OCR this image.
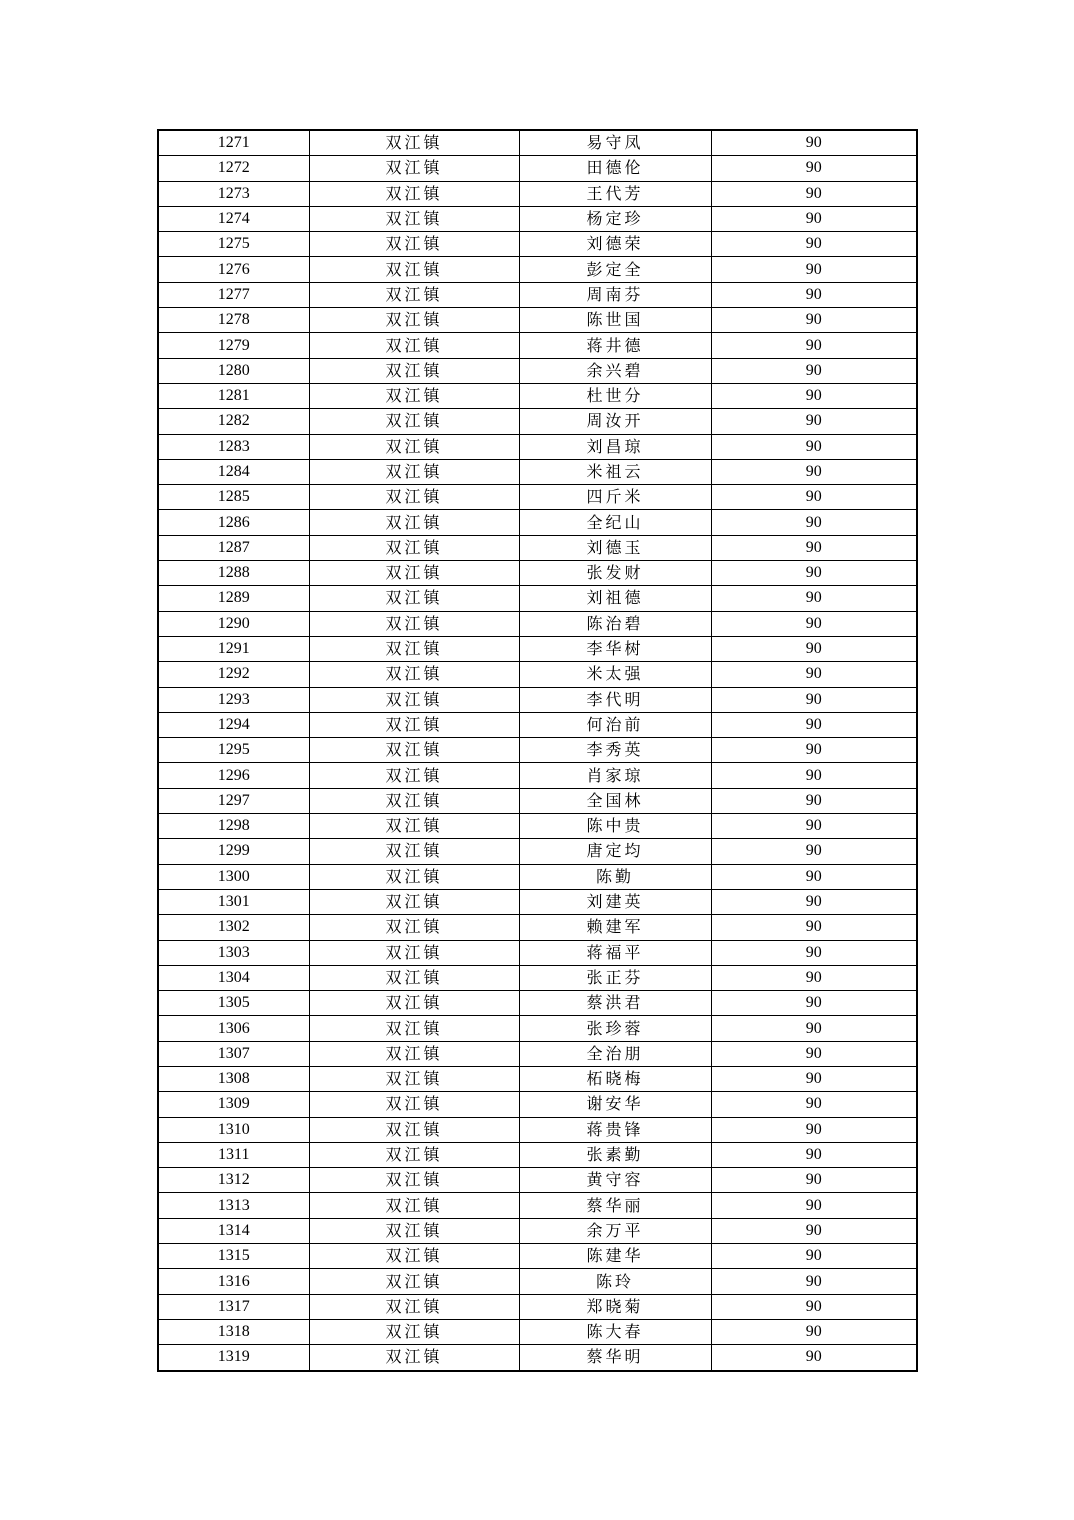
1271	双江镇	易守凤	90
1272	双江镇	田德伦	90
1273	双江镇	王代芳	90
1274	双江镇	杨定珍	90
1275	双江镇	刘德荣	90
1276	双江镇	彭定全	90
1277	双江镇	周南芬	90
1278	双江镇	陈世国	90
1279	双江镇	蒋井德	90
1280	双江镇	余兴碧	90
1281	双江镇	杜世分	90
1282	双江镇	周汝开	90
1283	双江镇	刘昌琼	90
1284	双江镇	米祖云	90
1285	双江镇	四斤米	90
1286	双江镇	全纪山	90
1287	双江镇	刘德玉	90
1288	双江镇	张发财	90
1289	双江镇	刘祖德	90
1290	双江镇	陈治碧	90
1291	双江镇	李华树	90
1292	双江镇	米太强	90
1293	双江镇	李代明	90
1294	双江镇	何治前	90
1295	双江镇	李秀英	90
1296	双江镇	肖家琼	90
1297	双江镇	全国林	90
1298	双江镇	陈中贵	90
1299	双江镇	唐定均	90
1300	双江镇	陈勤	90
1301	双江镇	刘建英	90
1302	双江镇	赖建军	90
1303	双江镇	蒋福平	90
1304	双江镇	张正芬	90
1305	双江镇	蔡洪君	90
1306	双江镇	张珍蓉	90
1307	双江镇	全治朋	90
1308	双江镇	柘晓梅	90
1309	双江镇	谢安华	90
1310	双江镇	蒋贵锋	90
1311	双江镇	张素勤	90
1312	双江镇	黄守容	90
1313	双江镇	蔡华丽	90
1314	双江镇	余万平	90
1315	双江镇	陈建华	90
1316	双江镇	陈玲	90
1317	双江镇	郑晓菊	90
1318	双江镇	陈大春	90
1319	双江镇	蔡华明	90
